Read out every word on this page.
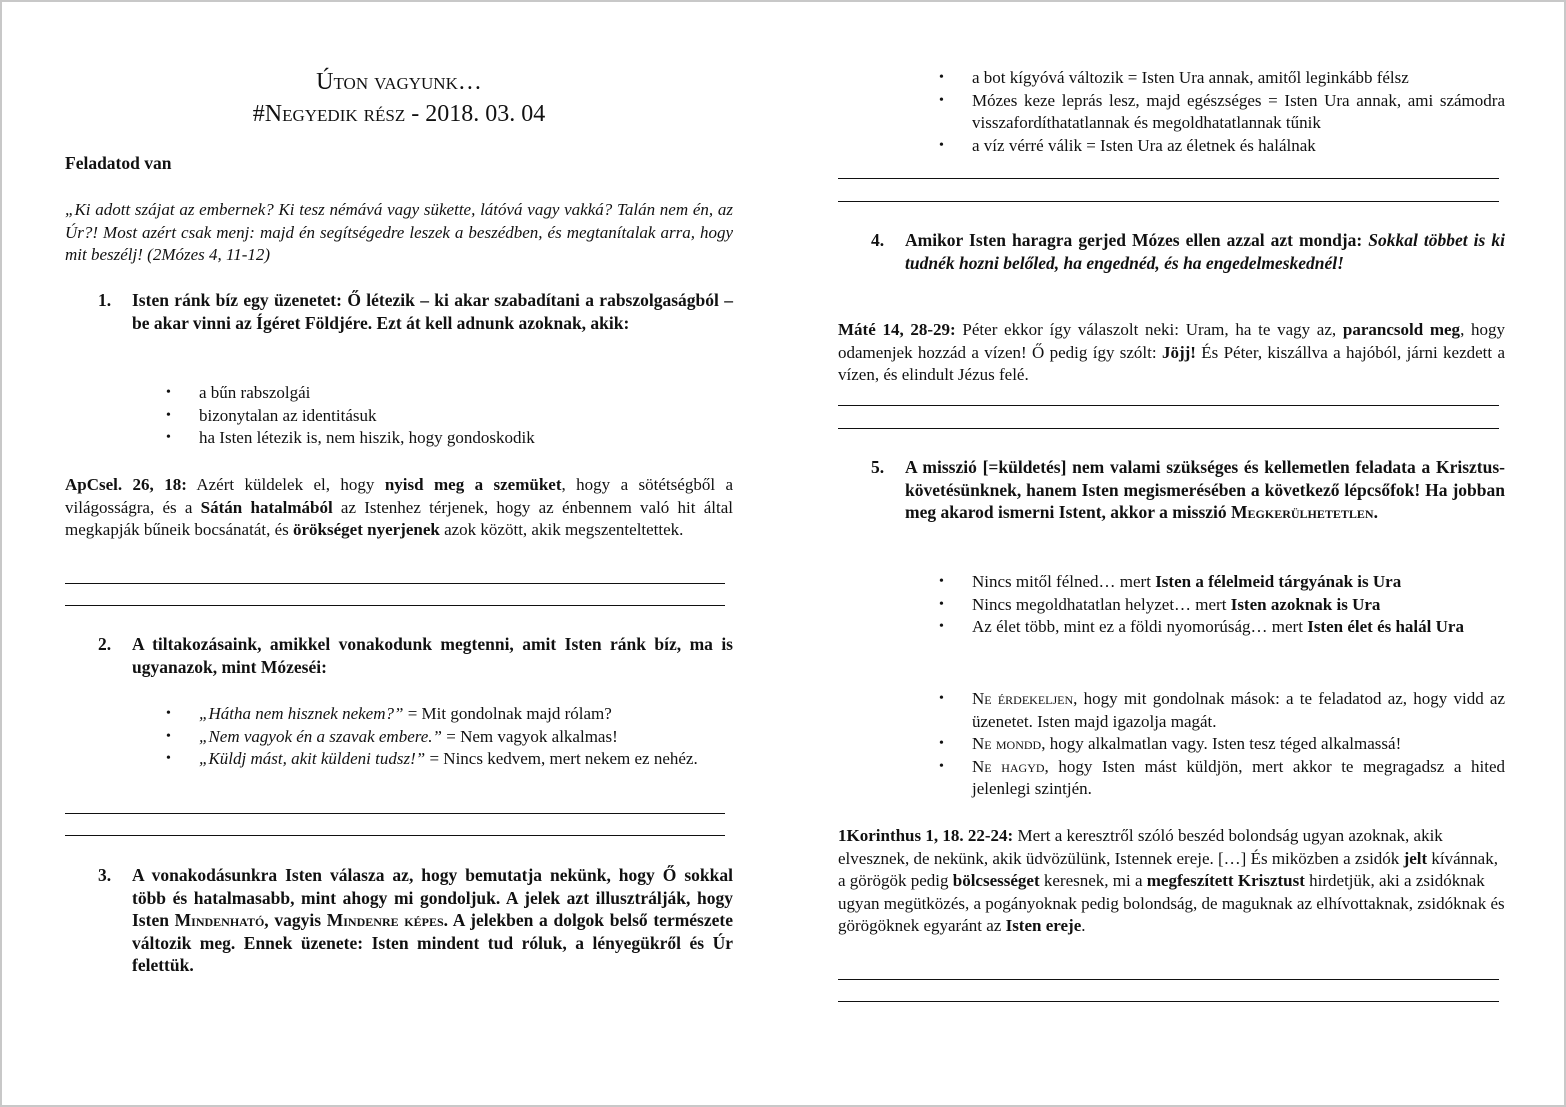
Úton vagyunk…
#Negyedik rész - 2018. 03. 04
Feladatod van
„Ki adott szájat az embernek? Ki tesz némává vagy sükette, látóvá vagy vakká? Talán nem én, az Úr?! Most azért csak menj: majd én segítségedre leszek a beszédben, és megtanítalak arra, hogy mit beszélj! (2Mózes 4, 11-12)
1. Isten ránk bíz egy üzenetet: Ő létezik – ki akar szabadítani a rabszolgaságból – be akar vinni az Ígéret Földjére. Ezt át kell adnunk azoknak, akik:
• a bűn rabszolgái
• bizonytalan az identitásuk
• ha Isten létezik is, nem hiszik, hogy gondoskodik
ApCsel. 26, 18: Azért küldelek el, hogy nyisd meg a szemüket, hogy a sötétségből a világosságra, és a Sátán hatalmából az Istenhez térjenek, hogy az énbennem való hit által megkapják bűneik bocsánatát, és örökséget nyerjenek azok között, akik megszenteltettek.
2. A tiltakozásaink, amikkel vonakodunk megtenni, amit Isten ránk bíz, ma is ugyanazok, mint Mózeséi:
• „Hátha nem hisznek nekem?” = Mit gondolnak majd rólam?
• „Nem vagyok én a szavak embere.” = Nem vagyok alkalmas!
• „Küldj mást, akit küldeni tudsz!” = Nincs kedvem, mert nekem ez nehéz.
3. A vonakodásunkra Isten válasza az, hogy bemutatja nekünk, hogy Ő sokkal több és hatalmasabb, mint ahogy mi gondoljuk. A jelek azt illusztrálják, hogy Isten Mindenható, vagyis Mindenre képes. A jelekben a dolgok belső természete változik meg. Ennek üzenete: Isten mindent tud róluk, a lényegükről és Úr felettük.
• a bot kígyóvá változik = Isten Ura annak, amitől leginkább félsz
• Mózes keze leprás lesz, majd egészséges = Isten Ura annak, ami számodra visszafordíthatatlannak és megoldhatatlannak tűnik
• a víz vérré válik = Isten Ura az életnek és halálnak
4. Amikor Isten haragra gerjed Mózes ellen azzal azt mondja: Sokkal többet is ki tudnék hozni belőled, ha engednéd, és ha engedelmeskednél!
Máté 14, 28-29: Péter ekkor így válaszolt neki: Uram, ha te vagy az, parancsold meg, hogy odamenjek hozzád a vízen! Ő pedig így szólt: Jöjj! És Péter, kiszállva a hajóból, járni kezdett a vízen, és elindult Jézus felé.
5. A misszió [=küldetés] nem valami szükséges és kellemetlen feladata a Krisztus-követésünknek, hanem Isten megismerésében a következő lépcsőfok! Ha jobban meg akarod ismerni Istent, akkor a misszió Megkerülhetetlen.
• Nincs mitől félned… mert Isten a félelmeid tárgyának is Ura
• Nincs megoldhatatlan helyzet… mert Isten azoknak is Ura
• Az élet több, mint ez a földi nyomorúság… mert Isten élet és halál Ura
• Ne érdekeljen, hogy mit gondolnak mások: a te feladatod az, hogy vidd az üzenetet. Isten majd igazolja magát.
• Ne mondd, hogy alkalmatlan vagy. Isten tesz téged alkalmassá!
• Ne hagyd, hogy Isten mást küldjön, mert akkor te megragadsz a hited jelenlegi szintjén.
1Korinthus 1, 18. 22-24: Mert a keresztről szóló beszéd bolondság ugyan azoknak, akik elvesznek, de nekünk, akik üdvözülünk, Istennek ereje. […] És miközben a zsidók jelt kívánnak, a görögök pedig bölcsességet keresnek, mi a megfeszített Krisztust hirdetjük, aki a zsidóknak ugyan megütközés, a pogányoknak pedig bolondság, de maguknak az elhívottaknak, zsidóknak és görögöknek egyaránt az Isten ereje.
